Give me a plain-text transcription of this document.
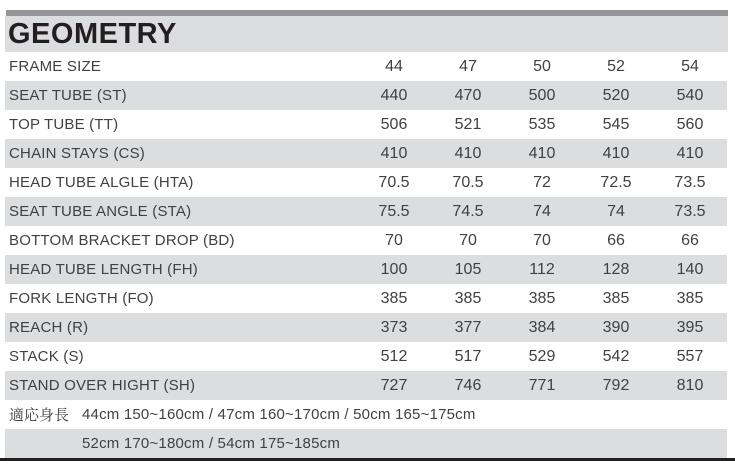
GEOMETRY
FRAME SIZE	44	47	50	52	54
SEAT TUBE (ST)	440	470	500	520	540
TOP TUBE (TT)	506	521	535	545	560
CHAIN STAYS (CS)	410	410	410	410	410
HEAD TUBE ALGLE (HTA)	70.5	70.5	72	72.5	73.5
SEAT TUBE ANGLE (STA)	75.5	74.5	74	74	73.5
BOTTOM BRACKET DROP (BD)	70	70	70	66	66
HEAD TUBE LENGTH (FH)	100	105	112	128	140
FORK LENGTH (FO)	385	385	385	385	385
REACH (R)	373	377	384	390	395
STACK (S)	512	517	529	542	557
STAND OVER HIGHT (SH)	727	746	771	792	810
適応身長 44cm 150~160cm / 47cm 160~170cm / 50cm 165~175cm
52cm 170~180cm / 54cm 175~185cm
